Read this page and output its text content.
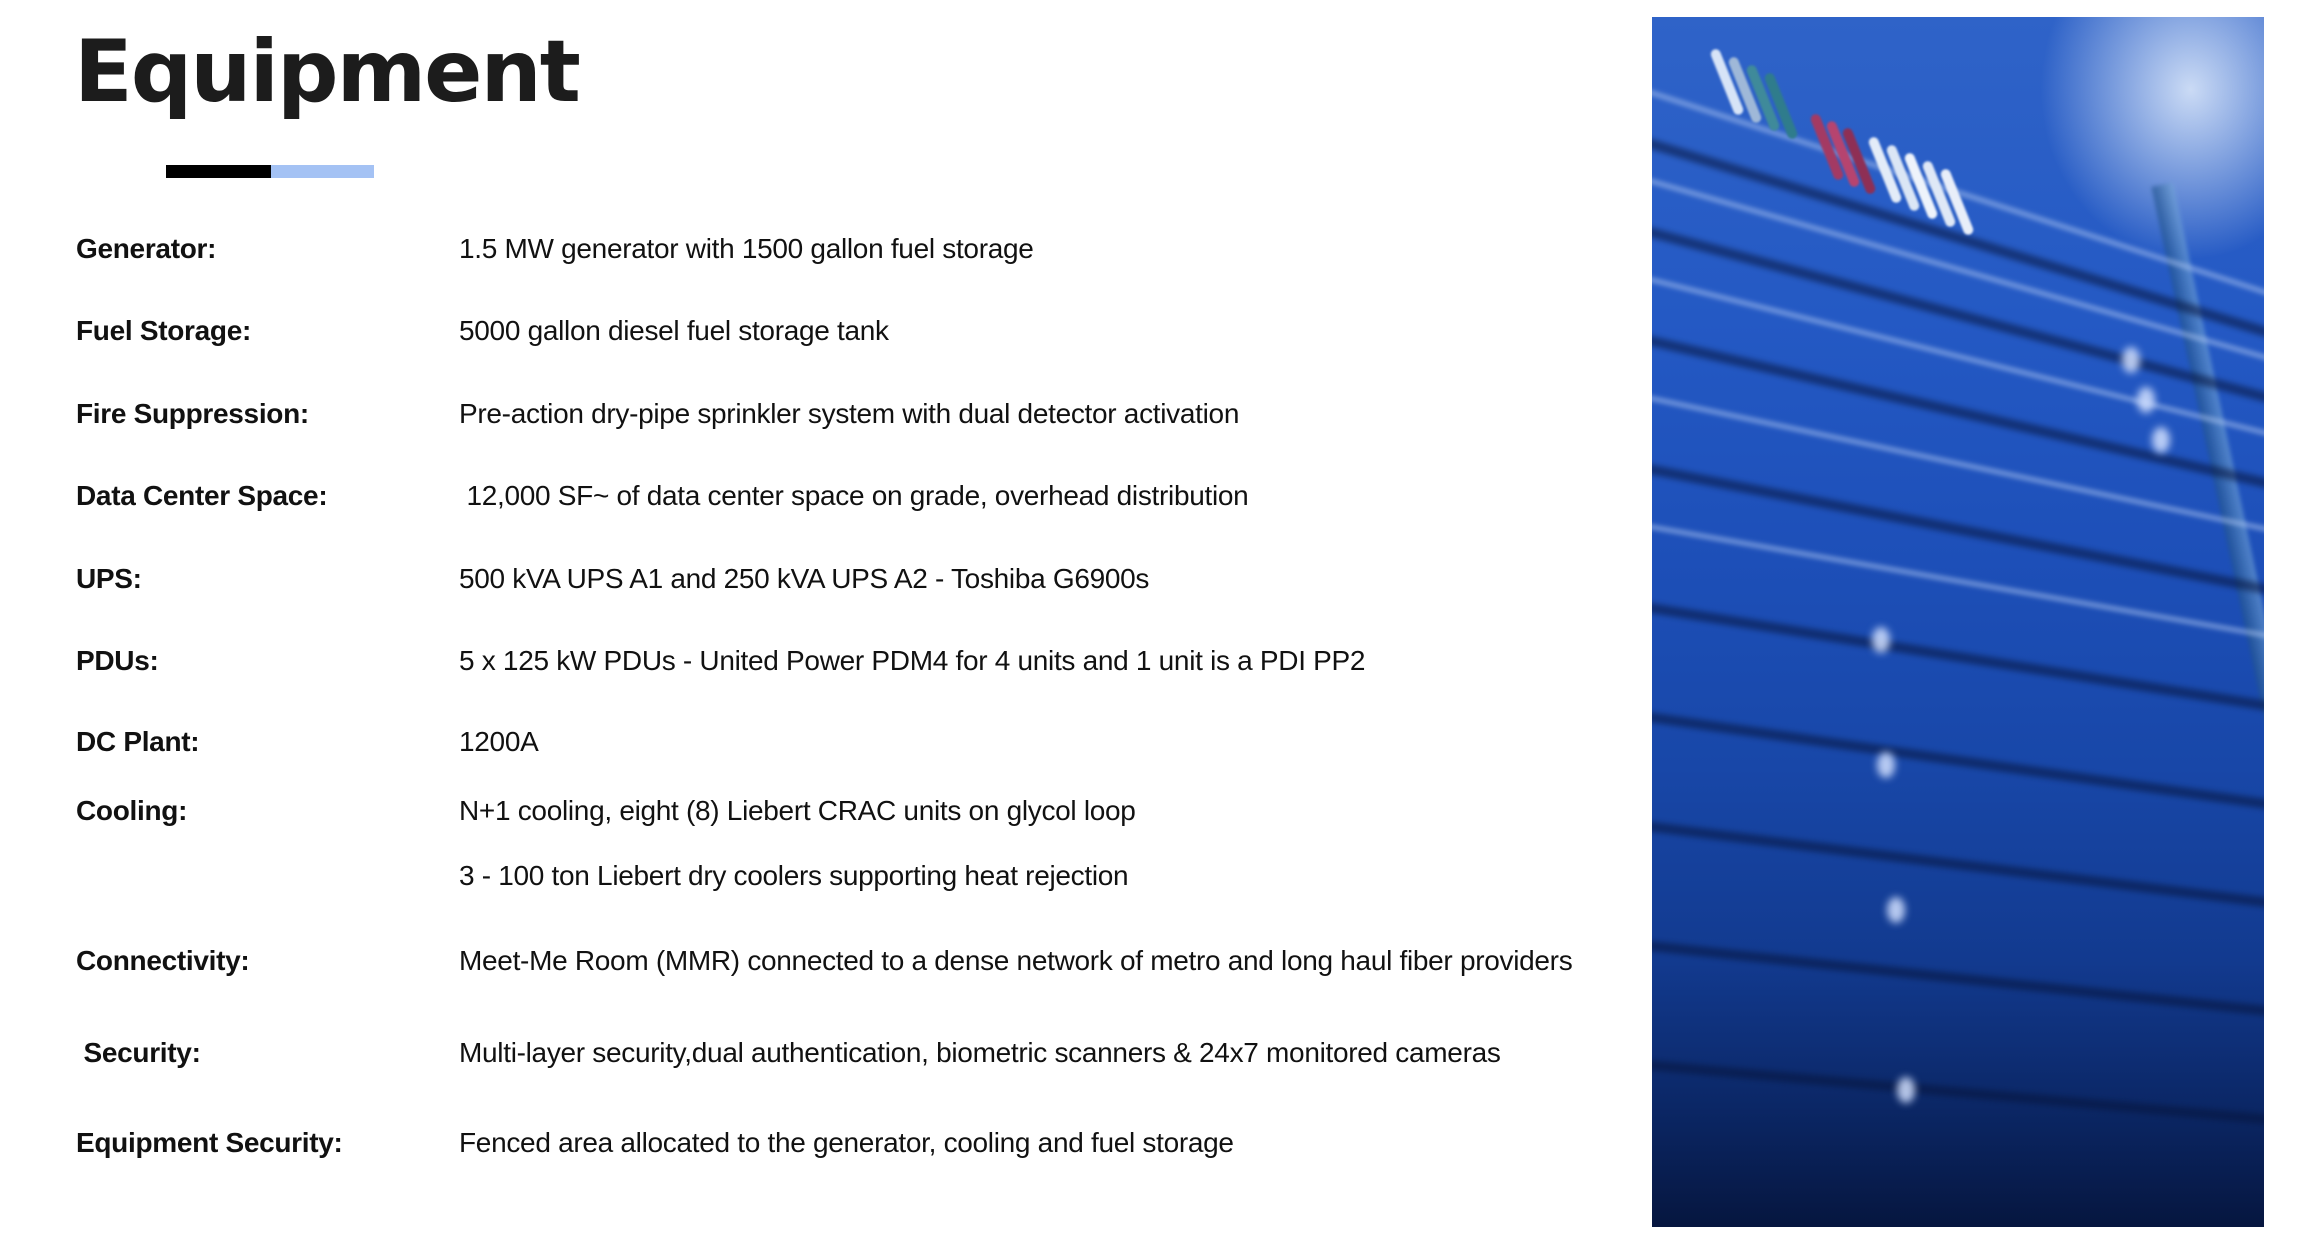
Equipment
Generator:	1.5 MW generator with 1500 gallon fuel storage
Fuel Storage:	5000 gallon diesel fuel storage tank
Fire Suppression:	Pre-action dry-pipe sprinkler system with dual detector activation
Data Center Space:	12,000 SF~ of data center space on grade, overhead distribution
UPS:	500 kVA UPS A1 and 250 kVA UPS A2 - Toshiba G6900s
PDUs:	5 x 125 kW PDUs - United Power PDM4 for 4 units and 1 unit is a PDI PP2
DC Plant:	1200A
Cooling:	N+1 cooling, eight (8) Liebert CRAC units on glycol loop
3 - 100 ton Liebert dry coolers supporting heat rejection
Connectivity:	Meet-Me Room (MMR) connected to a dense network of metro and long haul fiber providers
Security:	Multi-layer security,dual authentication, biometric scanners & 24x7 monitored cameras
Equipment Security:	Fenced area allocated to the generator, cooling and fuel storage
